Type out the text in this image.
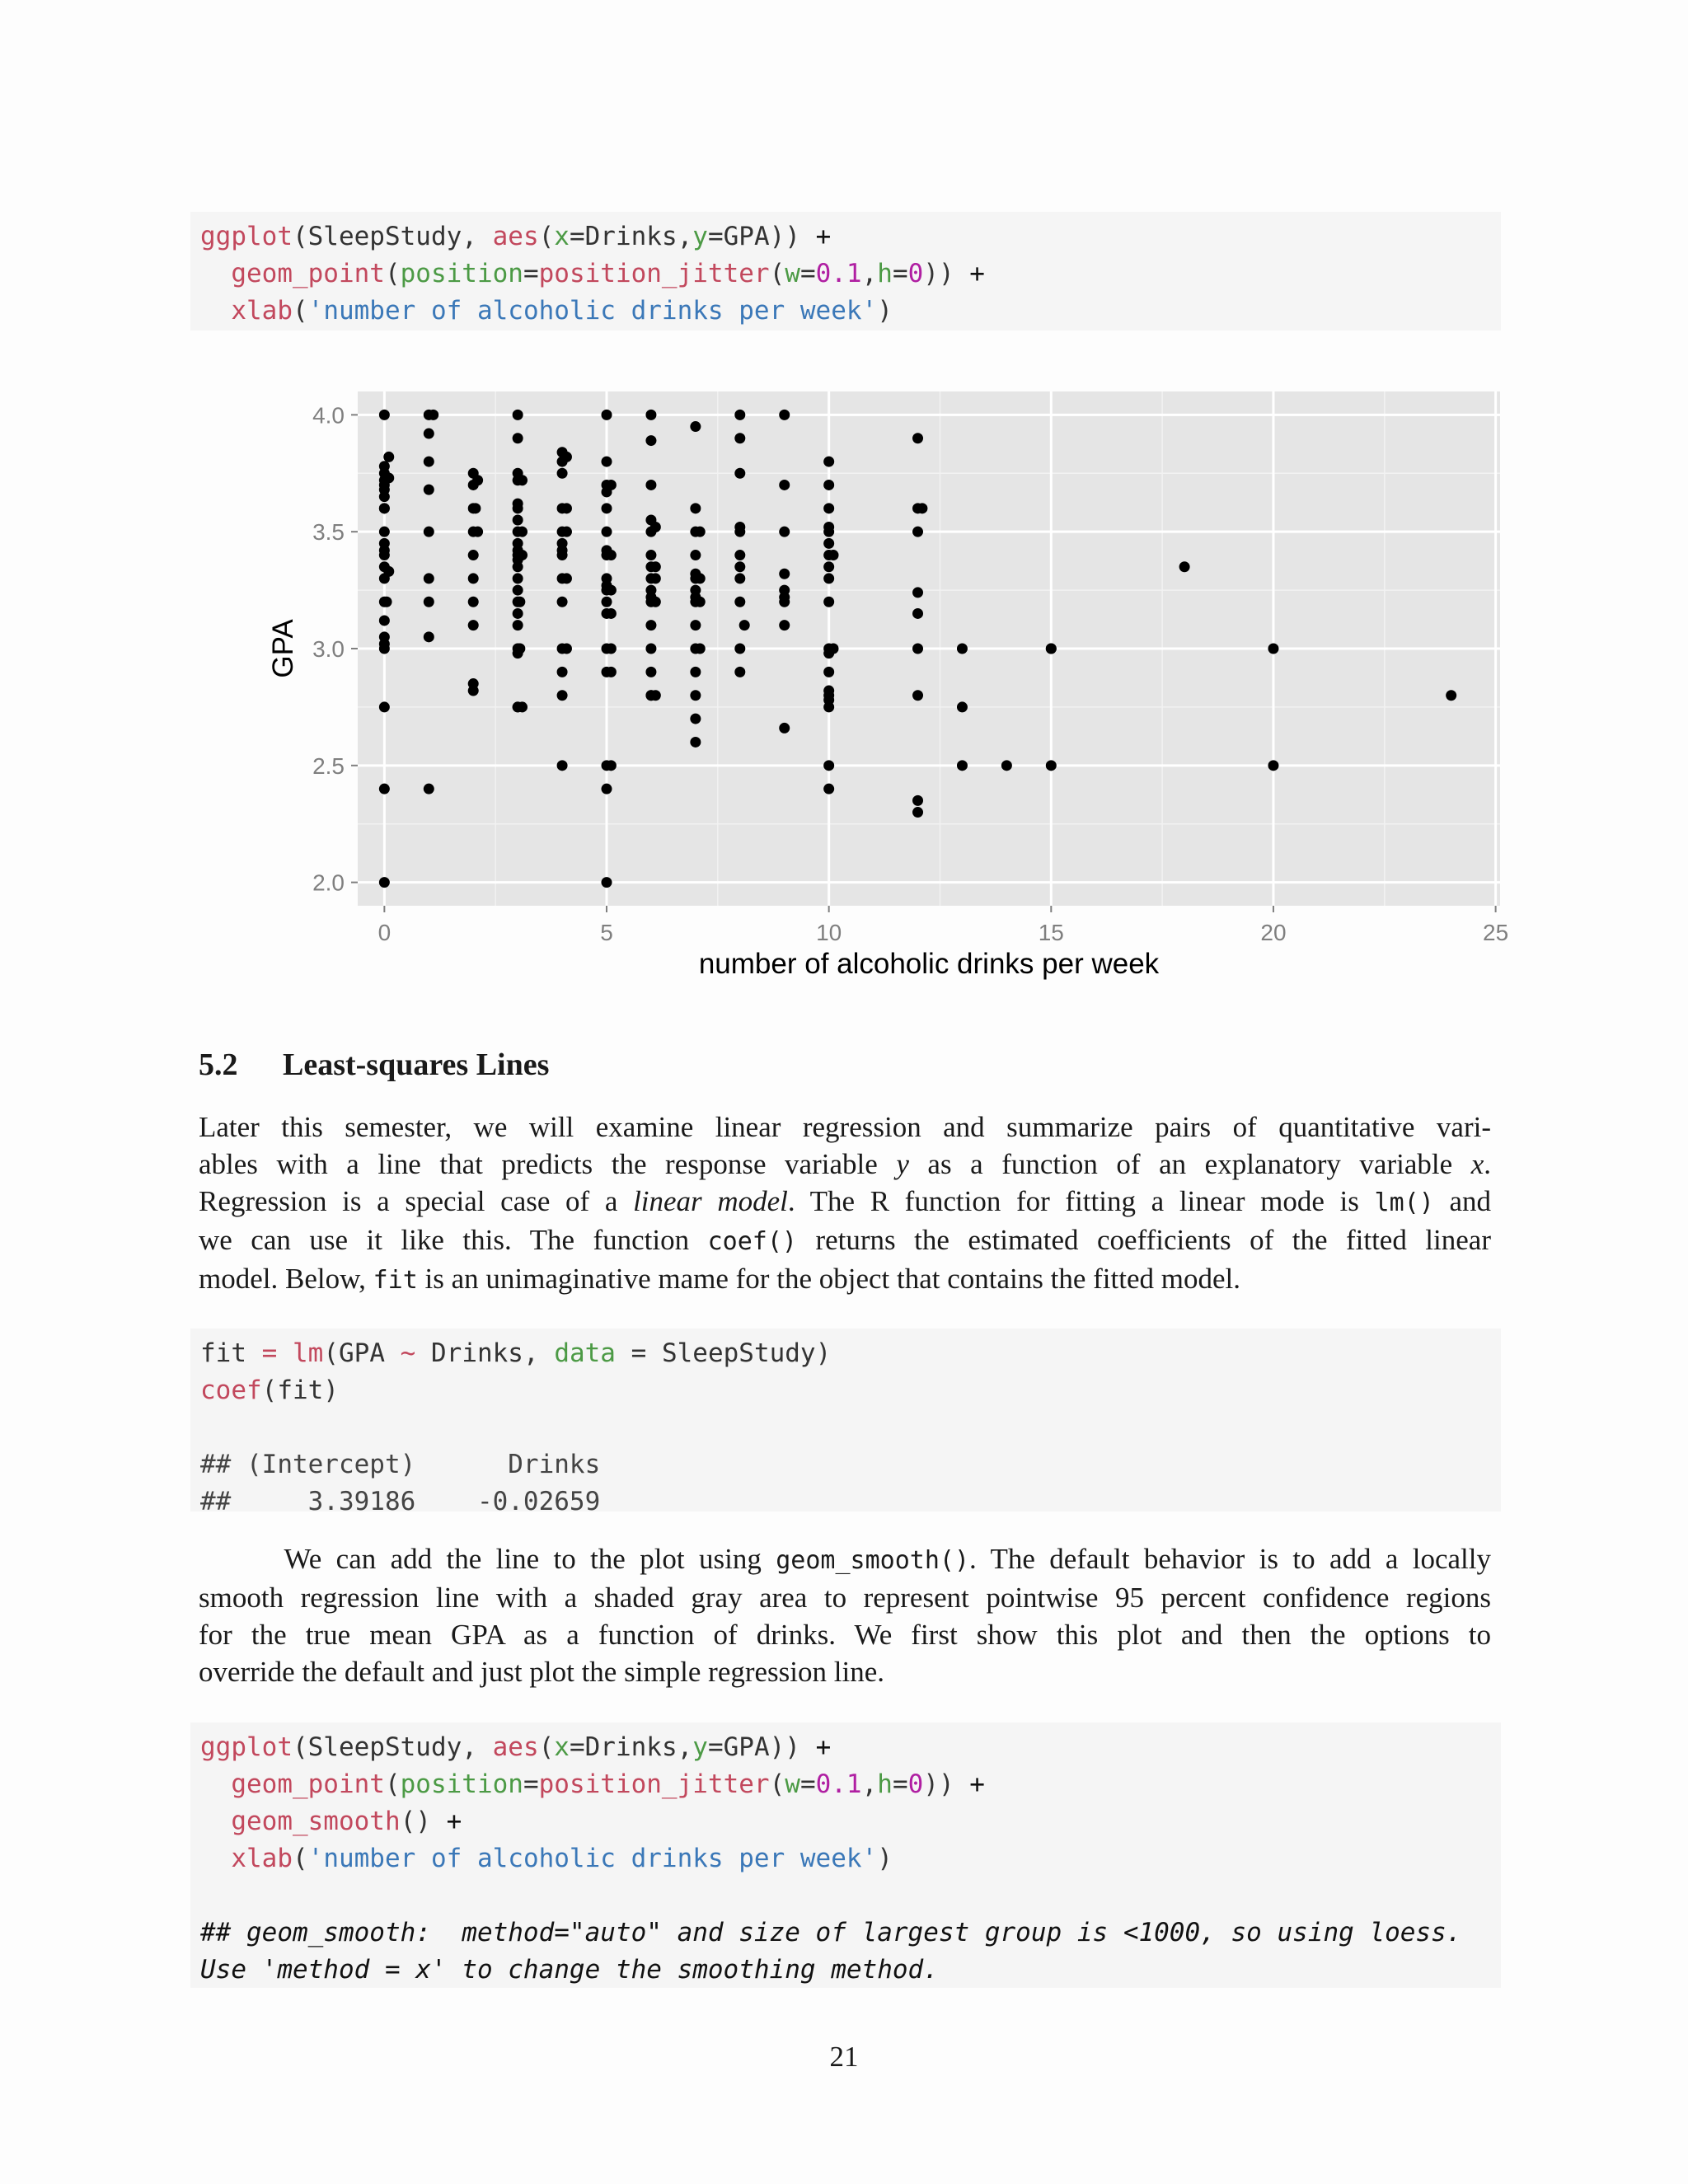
ggplot(SleepStudy, aes(x=Drinks,y=GPA)) +
geom_point(position=position_jitter(w=0.1,h=0)) +
xlab('number of alcoholic drinks per week')
0	5	10	15	20	25
2.0
2.5
3.0
3.5
4.0
number of alcoholic drinks per week
GPA
5.2 Least-squares Lines
Later this semester, we will examine linear regression and summarize pairs of quantitative vari-
ables with a line that predicts the response variable y as a function of an explanatory variable x.
Regression is a special case of a linear model. The R function for fitting a linear mode is lm() and
we can use it like this. The function coef() returns the estimated coefficients of the fitted linear
model. Below, fit is an unimaginative mame for the object that contains the fitted model.
fit = lm(GPA ~ Drinks, data = SleepStudy)
coef(fit)
## (Intercept)      Drinks
##     3.39186    -0.02659
We can add the line to the plot using geom_smooth(). The default behavior is to add a locally
smooth regression line with a shaded gray area to represent pointwise 95 percent confidence regions
for the true mean GPA as a function of drinks. We first show this plot and then the options to
override the default and just plot the simple regression line.
ggplot(SleepStudy, aes(x=Drinks,y=GPA)) +
geom_point(position=position_jitter(w=0.1,h=0)) +
geom_smooth() +
xlab('number of alcoholic drinks per week')
## geom_smooth:  method="auto" and size of largest group is <1000, so using loess.
Use 'method = x' to change the smoothing method.
21
